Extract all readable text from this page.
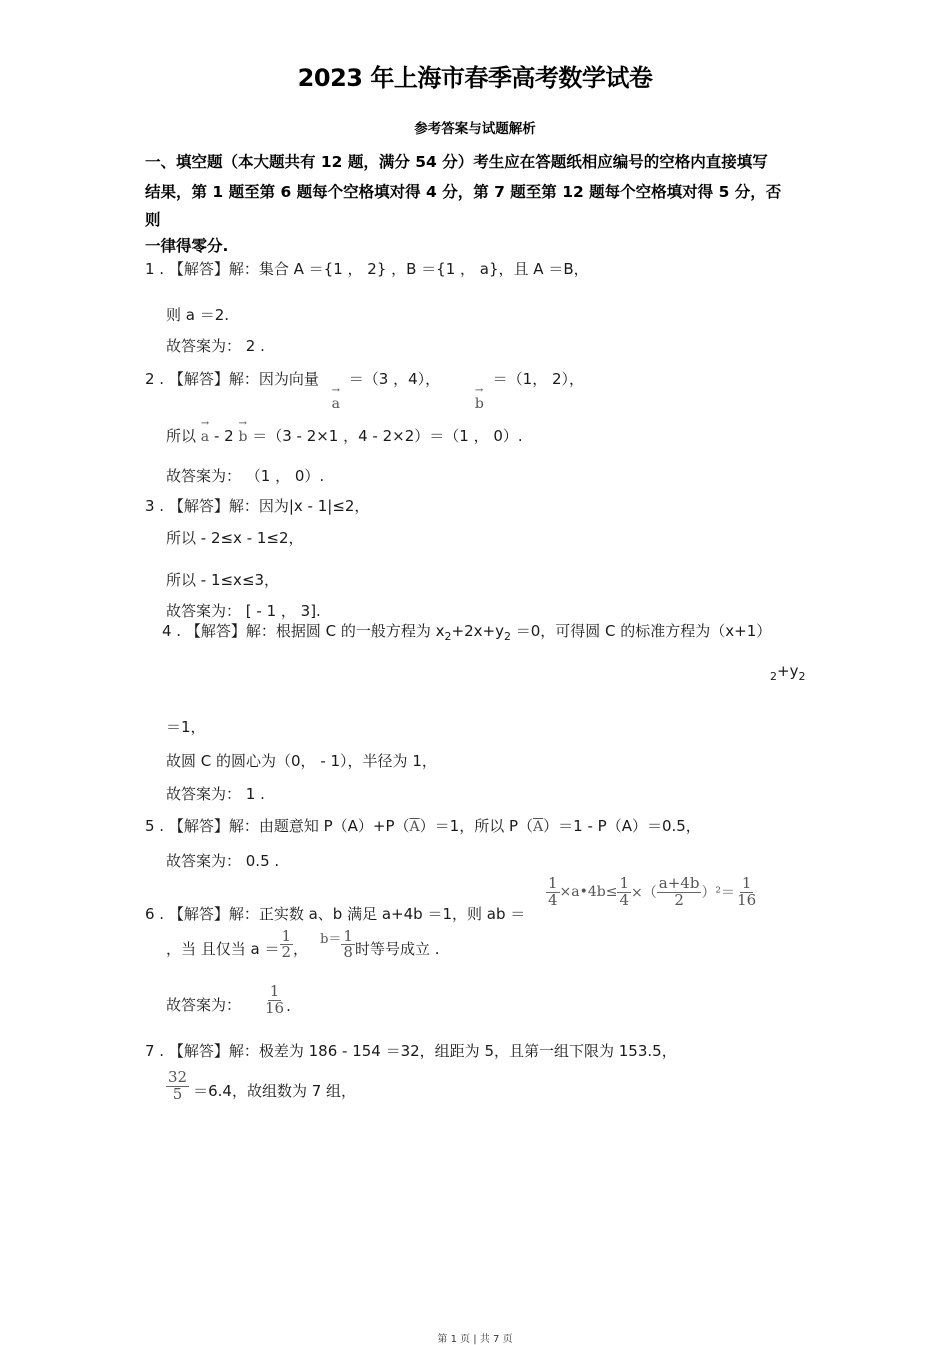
2023 年上海市春季高考数学试卷
参考答案与试题解析
一、填空题（本大题共有 12 题，满分 54 分）考生应在答题纸相应编号的空格内直接填写
结果，第 1 题至第 6 题每个空格填对得 4 分，第 7 题至第 12 题每个空格填对得 5 分，否
则
一律得零分.
1 . 【解答】解：集合 A ＝{1 ， 2} ，B ＝{1 ， a}，且 A ＝B，
则 a ＝2.
故答案为： 2 .
2 . 【解答】解：因为向量 → a ＝（3 ，4）， → b ＝（1， 2），
所以 → a - 2 → b ＝（3 - 2×1 ，4 - 2×2）＝（1 ， 0）.
故答案为： （1 ， 0）.
3 . 【解答】解：因为|x - 1|≤2，
所以 - 2≤x - 1≤2，
所以 - 1≤x≤3，
故答案为： [ - 1 ， 3].
4 . 【解答】解：根据圆 C 的一般方程为 $x_2+2x+y_2 =0$，可得圆 C 的标准方程为（x+1）
$_2+y_2$
＝1，
故圆 C 的圆心为（0， - 1），半径为 1，
故答案为： 1 .
5 . 【解答】解：由题意知 $P(A)+P(\overline{A})=1$，所以 $P(\overline{A})=1 - P(A)=0.5$，
故答案为： 0.5 .
6 . 【解答】解：正实数 a、b 满足 a+4b ＝1，则 ab ＝
$\frac{1}{4}$ ×a•4b≤ $\frac{1}{4}$ ×（ $\frac{a+4b}{2} )^2= \frac{1}{16}$
，当 且仅当 $a = \frac{1}{2}$ ，
$b= \frac{1}{8}$ 时等号成立 .
故答案为： $\frac{1}{16}$ .
7 . 【解答】解：极差为 186 - 154 ＝32，组距为 5，且第一组下限为 153.5，
$\frac{32}{5} =6.4$，故组数为 7 组，
第 1 页 | 共 7 页
